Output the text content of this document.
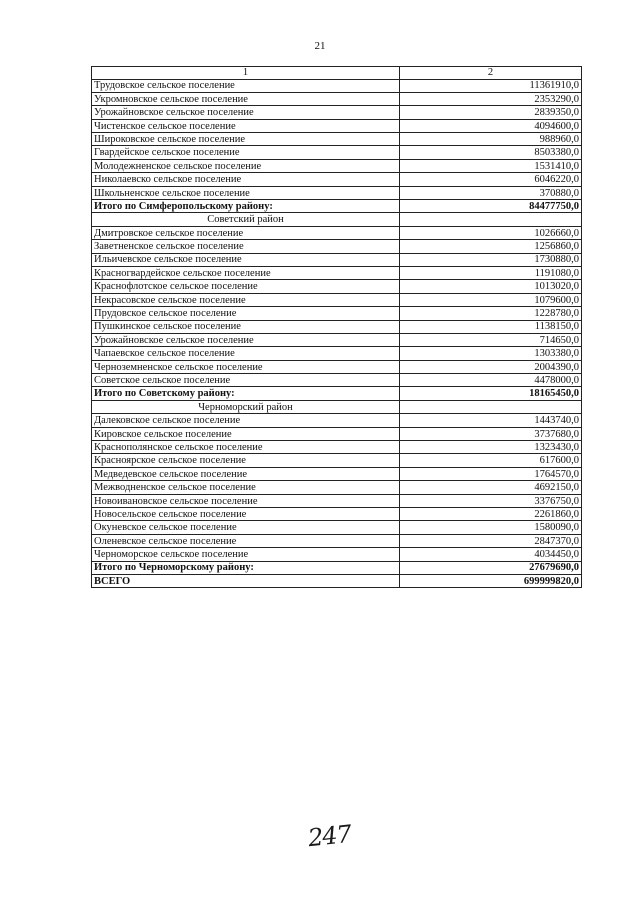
21
1	2
Трудовское сельское поселение	11361910,0
Укромновское сельское поселение	2353290,0
Урожайновское сельское поселение	2839350,0
Чистенское сельское поселение	4094600,0
Широковское сельское поселение	988960,0
Гвардейское сельское поселение	8503380,0
Молодежненское сельское поселение	1531410,0
Николаевско сельское поселение	6046220,0
Школьненское сельское поселение	370880,0
Итого по Симферопольскому району:	84477750,0
Советский район	
Дмитровское сельское поселение	1026660,0
Заветненское сельское поселение	1256860,0
Ильичевское сельское поселение	1730880,0
Красногвардейское сельское поселение	1191080,0
Краснофлотское сельское поселение	1013020,0
Некрасовское сельское поселение	1079600,0
Прудовское сельское поселение	1228780,0
Пушкинское сельское поселение	1138150,0
Урожайновское сельское поселение	714650,0
Чапаевское сельское поселение	1303380,0
Черноземненское сельское поселение	2004390,0
Советское сельское поселение	4478000,0
Итого по Советскому району:	18165450,0
Черноморский район	
Далековское сельское поселение	1443740,0
Кировское сельское поселение	3737680,0
Краснополянское сельское поселение	1323430,0
Красноярское сельское поселение	617600,0
Медведевское сельское поселение	1764570,0
Межводненское сельское поселение	4692150,0
Новоивановское сельское поселение	3376750,0
Новосельское сельское поселение	2261860,0
Окуневское сельское поселение	1580090,0
Оленевское сельское поселение	2847370,0
Черноморское сельское поселение	4034450,0
Итого по Черноморскому району:	27679690,0
ВСЕГО	699999820,0
247
